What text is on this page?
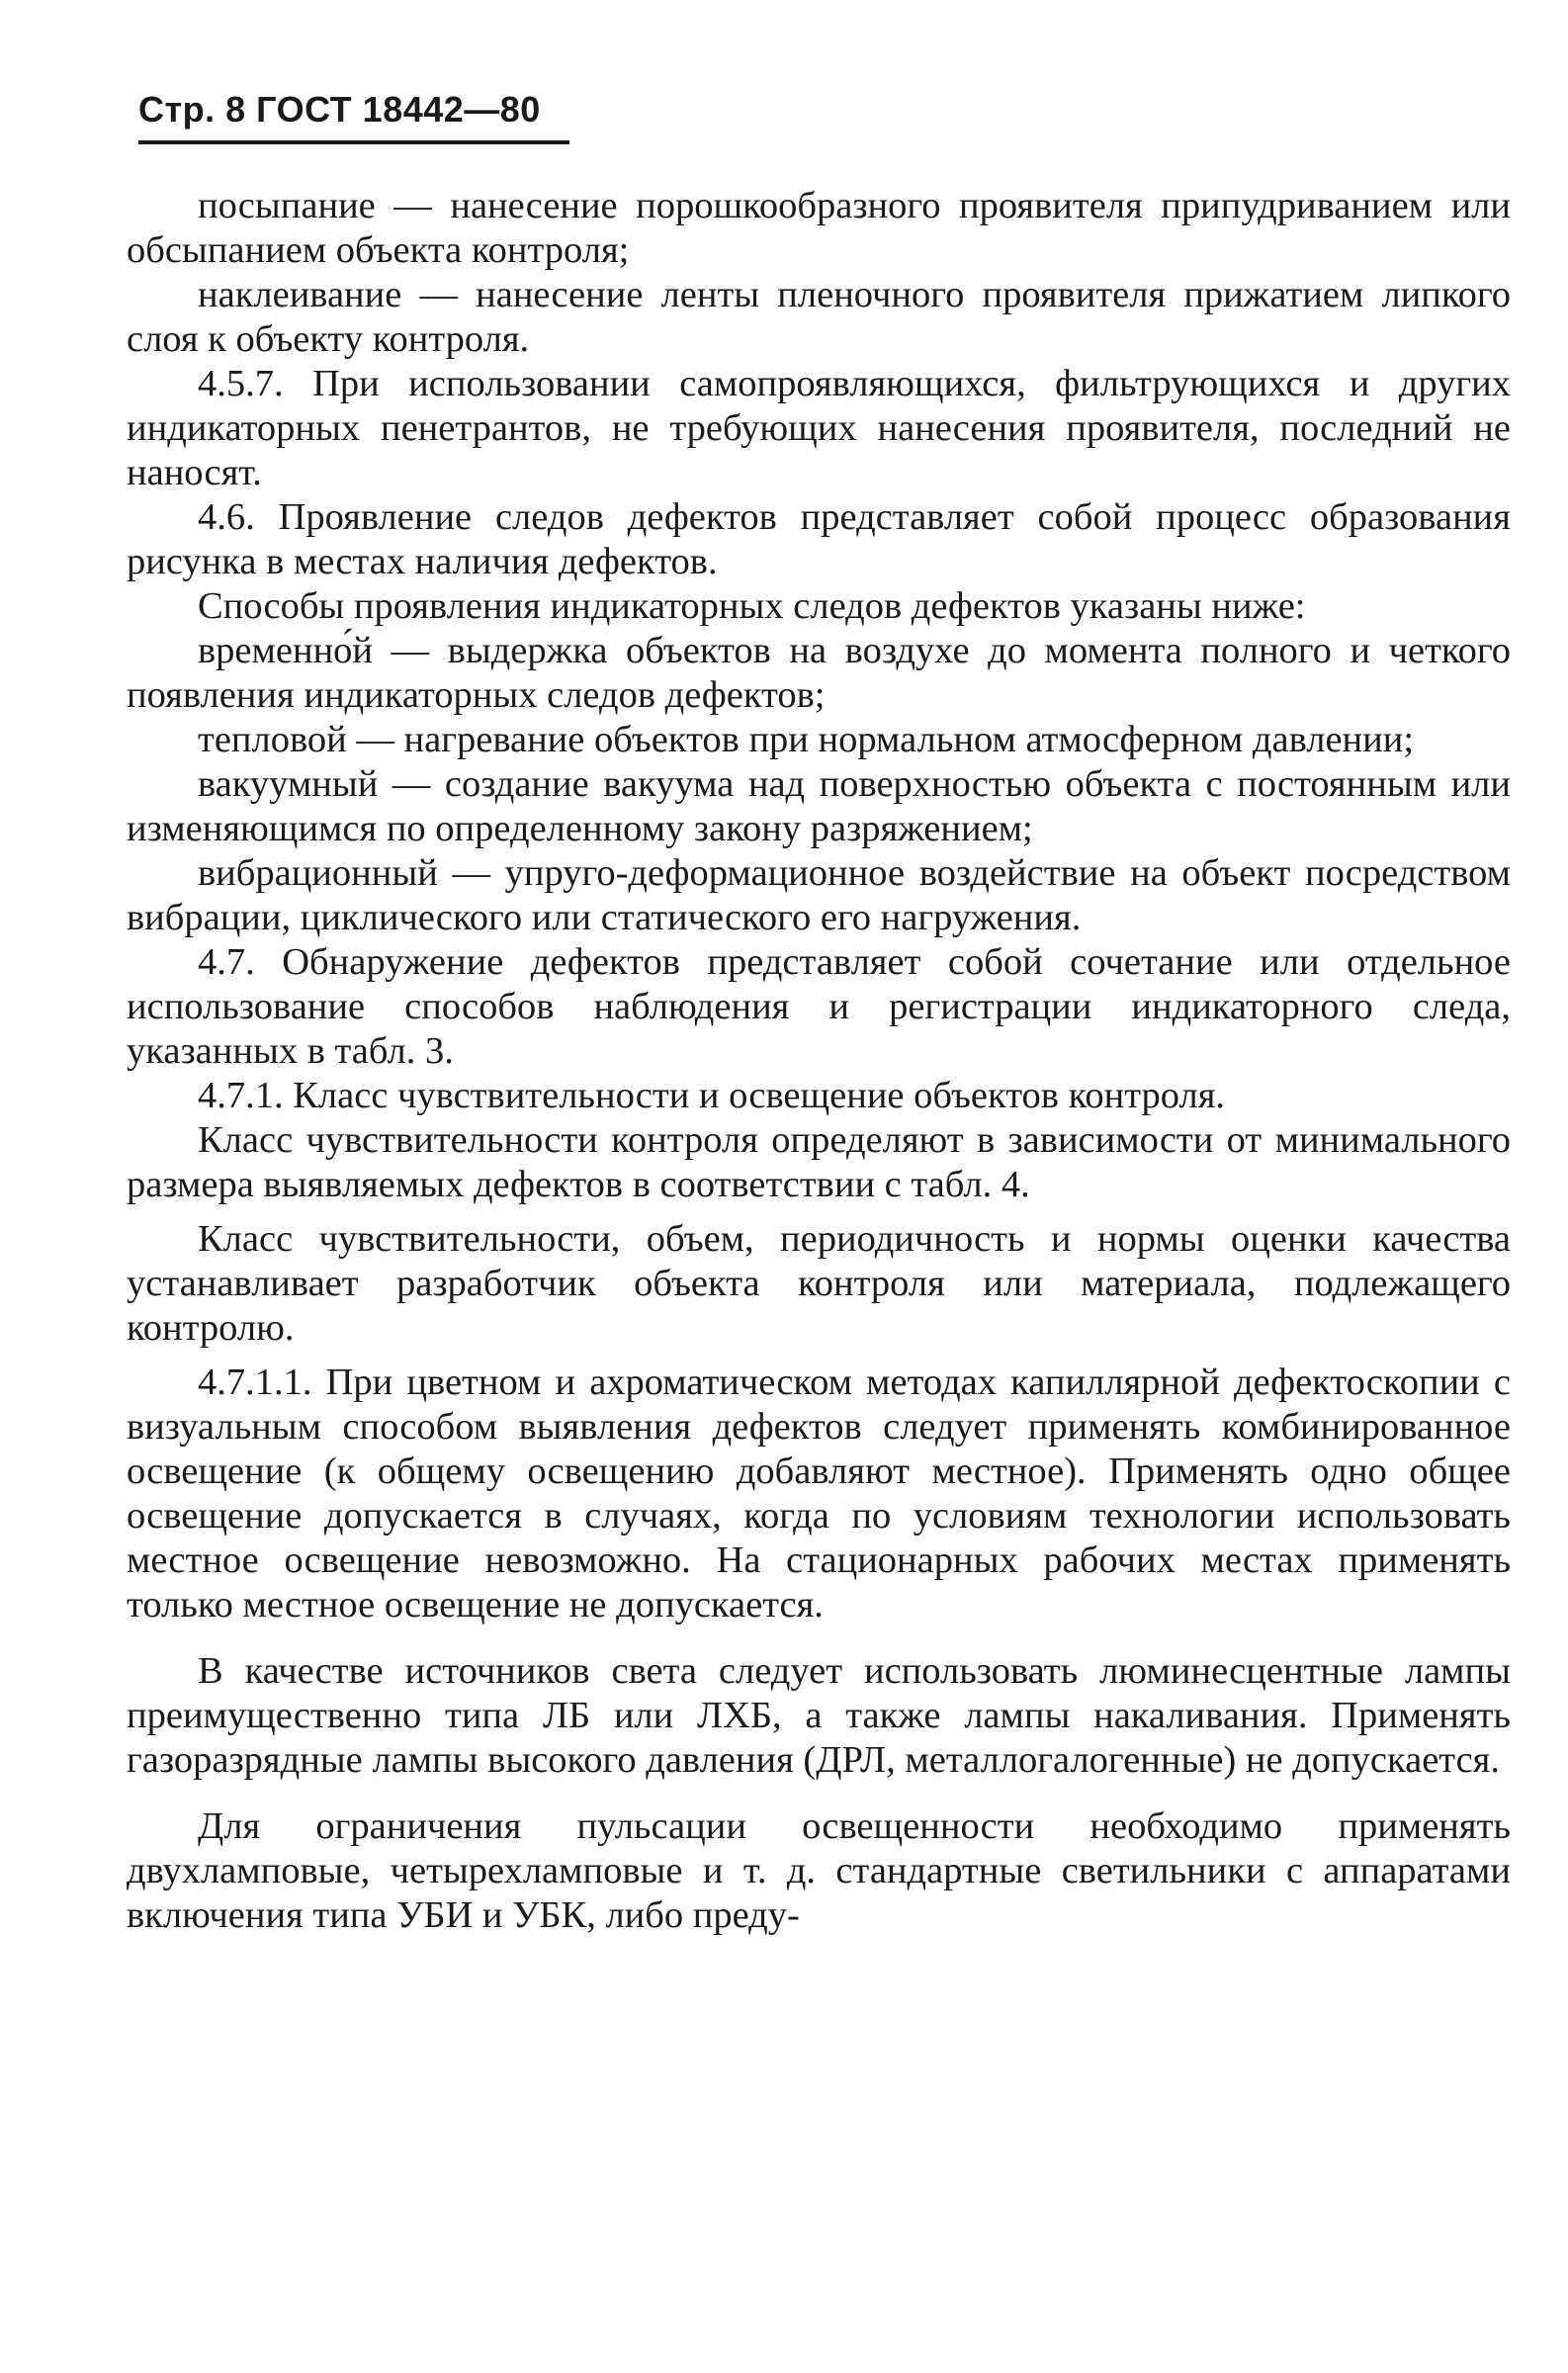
Стр. 8 ГОСТ 18442—80

посыпание — нанесение порошкообразного проявителя припудриванием или обсыпанием объекта контроля;

наклеивание — нанесение ленты пленочного проявителя прижатием липкого слоя к объекту контроля.

4.5.7. При использовании самопроявляющихся, фильтрующихся и других индикаторных пенетрантов, не требующих нанесения проявителя, последний не наносят.

4.6. Проявление следов дефектов представляет собой процесс образования рисунка в местах наличия дефектов.

Способы проявления индикаторных следов дефектов указаны ниже:

временно́й — выдержка объектов на воздухе до момента полного и четкого появления индикаторных следов дефектов;

тепловой — нагревание объектов при нормальном атмосферном давлении;

вакуумный — создание вакуума над поверхностью объекта с постоянным или изменяющимся по определенному закону разряжением;

вибрационный — упруго-деформационное воздействие на объект посредством вибрации, циклического или статического его нагружения.

4.7. Обнаружение дефектов представляет собой сочетание или отдельное использование способов наблюдения и регистрации индикаторного следа, указанных в табл. 3.

4.7.1. Класс чувствительности и освещение объектов контроля.

Класс чувствительности контроля определяют в зависимости от минимального размера выявляемых дефектов в соответствии с табл. 4.

Класс чувствительности, объем, периодичность и нормы оценки качества устанавливает разработчик объекта контроля или материала, подлежащего контролю.

4.7.1.1. При цветном и ахроматическом методах капиллярной дефектоскопии с визуальным способом выявления дефектов следует применять комбинированное освещение (к общему освещению добавляют местное). Применять одно общее освещение допускается в случаях, когда по условиям технологии использовать местное освещение невозможно. На стационарных рабочих местах применять только местное освещение не допускается.

В качестве источников света следует использовать люминесцентные лампы преимущественно типа ЛБ или ЛХБ, а также лампы накаливания. Применять газоразрядные лампы высокого давления (ДРЛ, металлогалогенные) не допускается.

Для ограничения пульсации освещенности необходимо применять двухламповые, четырехламповые и т. д. стандартные светильники с аппаратами включения типа УБИ и УБК, либо преду-
